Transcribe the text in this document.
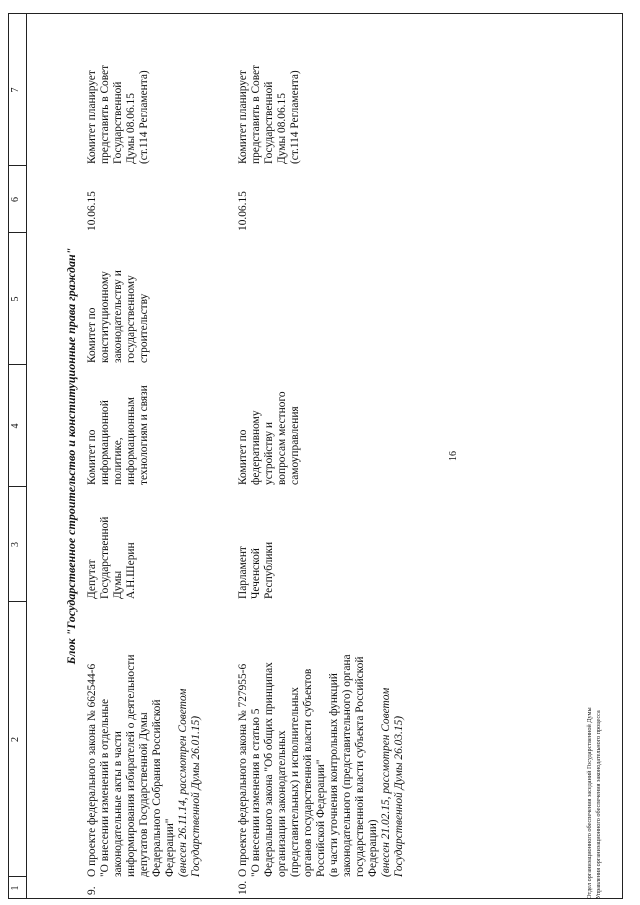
16
1
2
3
4
5
6
7
Блок "Государственное строительство и конституционные права граждан"
9.
О проекте федерального закона № 662544-6
"О внесении изменений в отдельные
законодательные акты в части
информирования избирателей о деятельности
депутатов Государственной Думы
Федерального Собрания Российской
Федерации" (внесен 26.11.14, рассмотрен Советом
Государственной Думы 26.01.15)
Депутат
Государственной
Думы
А.Н.Шерин
Комитет по
информационной
политике,
информационным
технологиям и связи
Комитет по
конституционному
законодательству и
государственному
строительству
10.06.15
Комитет планирует
представить в Совет
Государственной
Думы 08.06.15
(ст.114 Регламента)
10.
О проекте федерального закона № 727955-6
"О внесении изменения в статью 5
Федерального закона "Об общих принципах
организации законодательных
(представительных) и исполнительных
органов государственной власти субъектов
Российской Федерации"
(в части уточнения контрольных функций
законодательного (представительного) органа
государственной власти субъекта Российской
Федерации) (внесен 21.02.15, рассмотрен Советом
Государственной Думы 26.03.15)
Парламент
Чеченской
Республики
Комитет по
федеративному
устройству и
вопросам местного
самоуправления
10.06.15
Комитет планирует
представить в Совет
Государственной
Думы 08.06.15
(ст.114 Регламента)
Отдел организационного обеспечения заседаний Государственной Думы Управления организационного обеспечения законодательного процесса
